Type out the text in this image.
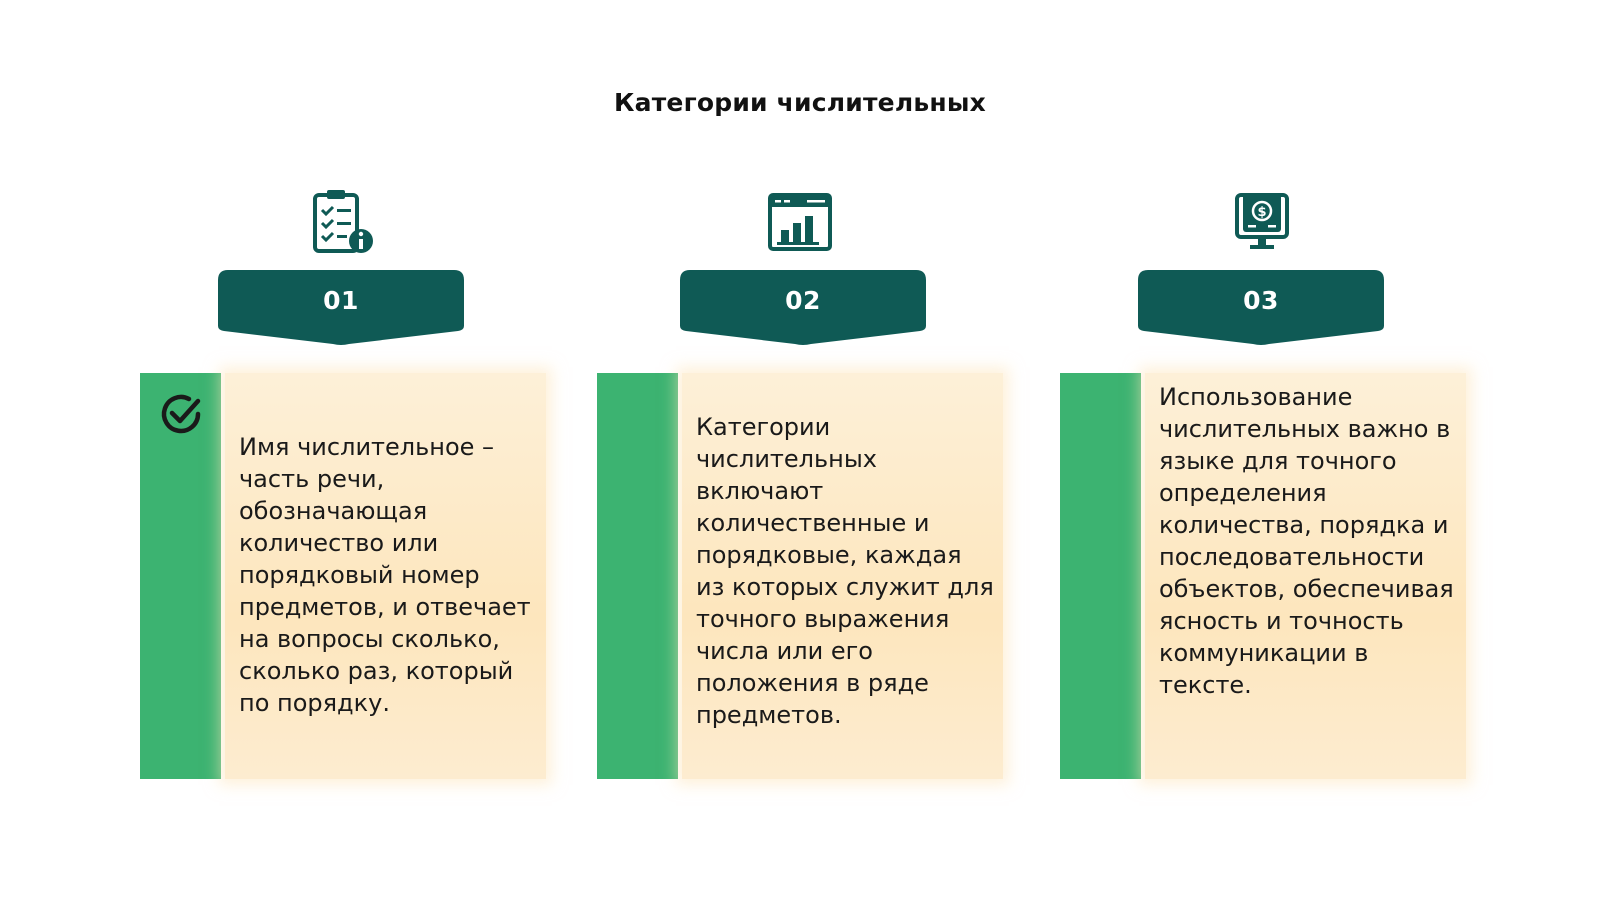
Категории числительных
01
Имя числительное – часть речи, обозначающая количество или порядковый номер предметов, и отвечает на вопросы сколько, сколько раз, который по порядку.
02
Категории числительных включают количественные и порядковые, каждая из которых служит для точного выражения числа или его положения в ряде предметов.
$
03
Использование числительных важно в языке для точного определения количества, порядка и последовательности объектов, обеспечивая ясность и точность коммуникации в тексте.
